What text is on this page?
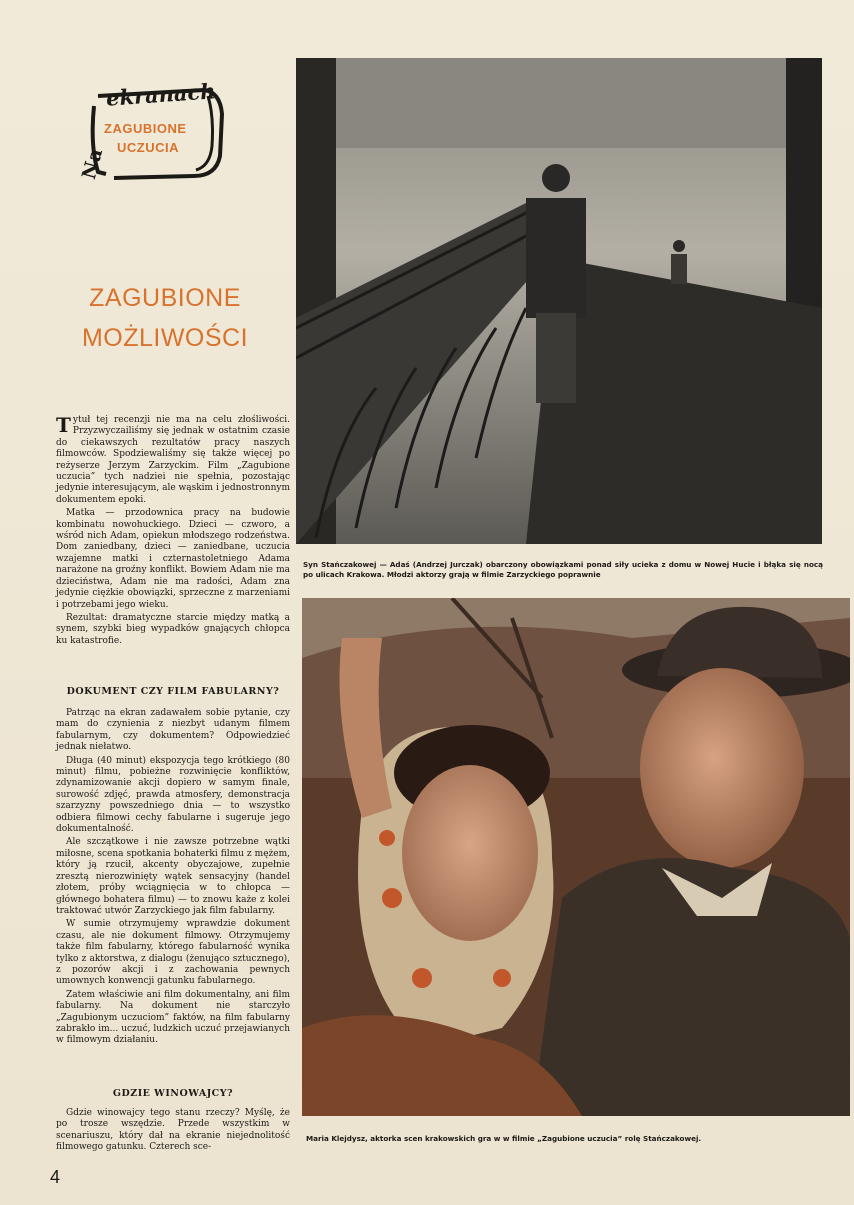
Na
ekranach
ZAGUBIONE
UCZUCIA
ZAGUBIONE
MOŻLIWOŚCI

Tytuł tej recenzji nie ma na celu złośliwości. Przyzwyczailiśmy się jednak w ostatnim czasie do ciekawszych rezultatów pracy naszych filmowców. Spodziewaliśmy się także więcej po reżyserze Jerzym Zarzyckim. Film „Zagubione uczucia” tych nadziei nie spełnia, pozostając jedynie interesującym, ale wąskim i jednostronnym dokumentem epoki.

Matka — przodownica pracy na budowie kombinatu nowohuckiego. Dzieci — czworo, a wśród nich Adam, opiekun młodszego rodzeństwa. Dom zaniedbany, dzieci — zaniedbane, uczucia wzajemne matki i czternastoletniego Adama narażone na groźny konflikt. Bowiem Adam nie ma dzieciństwa, Adam nie ma radości, Adam zna jedynie ciężkie obowiązki, sprzeczne z marzeniami i potrzebami jego wieku.

Rezultat: dramatyczne starcie między matką a synem, szybki bieg wypadków gnających chłopca ku katastrofie.

DOKUMENT CZY FILM FABULARNY?

Patrząc na ekran zadawałem sobie pytanie, czy mam do czynienia z niezbyt udanym filmem fabularnym, czy dokumentem? Odpowiedzieć jednak niełatwo.

Długa (40 minut) ekspozycja tego krótkiego (80 minut) filmu, pobieżne rozwinięcie konfliktów, zdynamizowanie akcji dopiero w samym finale, surowość zdjęć, prawda atmosfery, demonstracja szarzyzny powszedniego dnia — to wszystko odbiera filmowi cechy fabularne i sugeruje jego dokumentalność.

Ale szczątkowe i nie zawsze potrzebne wątki miłosne, scena spotkania bohaterki filmu z mężem, który ją rzucił, akcenty obyczajowe, zupełnie zresztą nierozwinięty wątek sensacyjny (handel złotem, próby wciągnięcia w to chłopca — głównego bohatera filmu) — to znowu każe z kolei traktować utwór Zarzyckiego jak film fabularny.

W sumie otrzymujemy wprawdzie dokument czasu, ale nie dokument filmowy. Otrzymujemy także film fabularny, którego fabularność wynika tylko z aktorstwa, z dialogu (żenująco sztucznego), z pozorów akcji i z zachowania pewnych umownych konwencji gatunku fabularnego.

Zatem właściwie ani film dokumentalny, ani film fabularny. Na dokument nie starczyło „Zagubionym uczuciom” faktów, na film fabularny zabrakło im... uczuć, ludzkich uczuć przejawianych w filmowym działaniu.

GDZIE WINOWAJCY?

Gdzie winowajcy tego stanu rzeczy? Myślę, że po trosze wszędzie. Przede wszystkim w scenariuszu, który dał na ekranie niejednolitość filmowego gatunku. Czterech sce-

Syn Stańczakowej — Adaś (Andrzej Jurczak) obarczony obowiązkami ponad siły ucieka z domu w Nowej Hucie i błąka się nocą po ulicach Krakowa. Młodzi aktorzy grają w filmie Zarzyckiego poprawnie
Maria Klejdysz, aktorka scen krakowskich gra w w filmie „Zagubione uczucia” rolę Stańczakowej.
4
